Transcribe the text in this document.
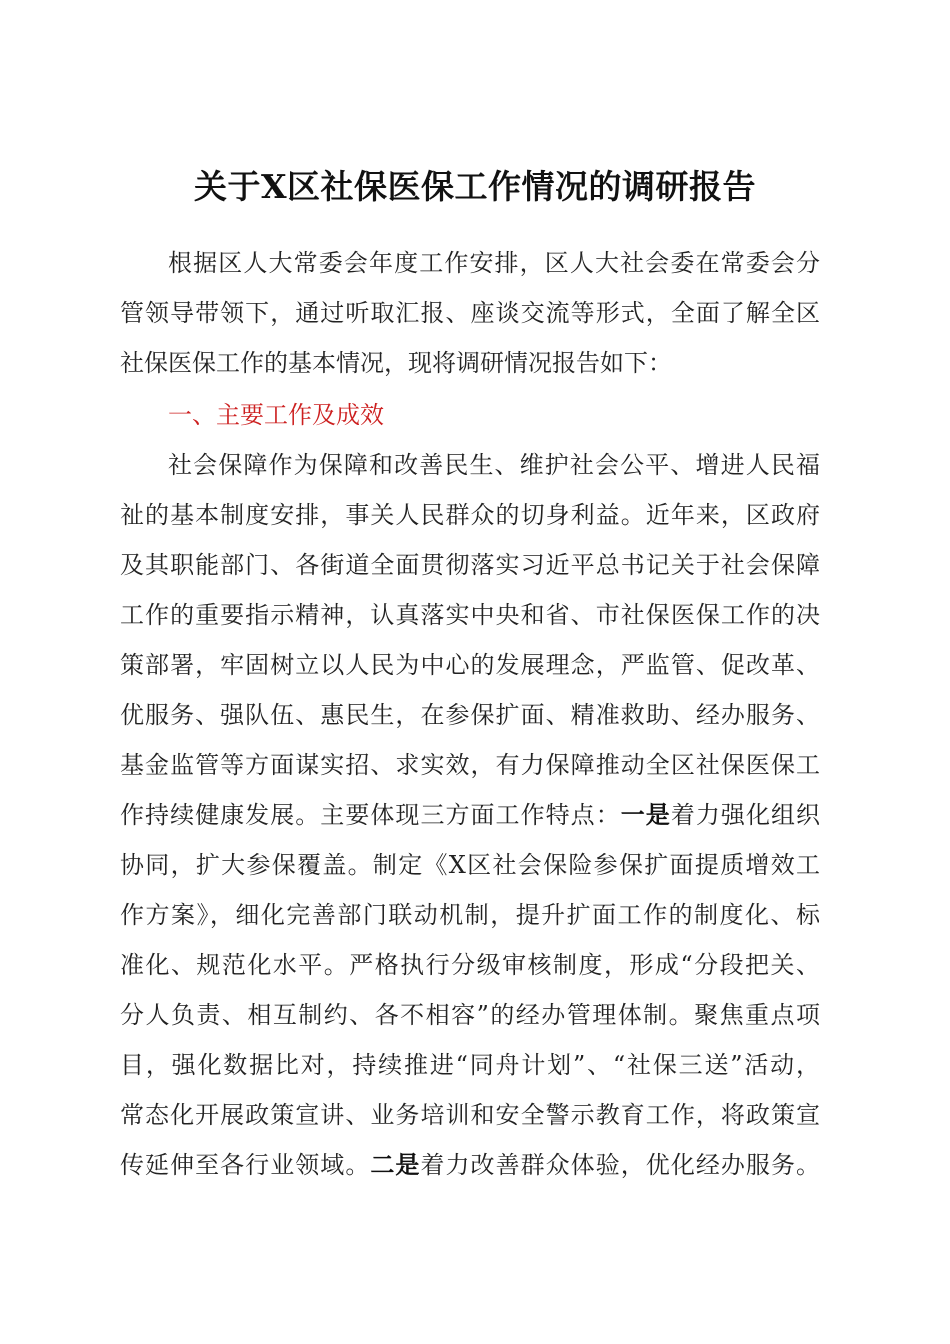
关于X区社保医保工作情况的调研报告
根据区人大常委会年度工作安排，区人大社会委在常委会分
管领导带领下，通过听取汇报、座谈交流等形式，全面了解全区
社保医保工作的基本情况，现将调研情况报告如下：
一、主要工作及成效
社会保障作为保障和改善民生、维护社会公平、增进人民福
祉的基本制度安排，事关人民群众的切身利益。近年来，区政府
及其职能部门、各街道全面贯彻落实习近平总书记关于社会保障
工作的重要指示精神，认真落实中央和省、市社保医保工作的决
策部署，牢固树立以人民为中心的发展理念，严监管、促改革、
优服务、强队伍、惠民生，在参保扩面、精准救助、经办服务、
基金监管等方面谋实招、求实效，有力保障推动全区社保医保工
作持续健康发展。主要体现三方面工作特点：一是着力强化组织
协同，扩大参保覆盖。制定《X区社会保险参保扩面提质增效工
作方案》，细化完善部门联动机制，提升扩面工作的制度化、标
准化、规范化水平。严格执行分级审核制度，形成“分段把关、
分人负责、相互制约、各不相容”的经办管理体制。聚焦重点项
目，强化数据比对，持续推进“同舟计划”、“社保三送”活动，
常态化开展政策宣讲、业务培训和安全警示教育工作，将政策宣
传延伸至各行业领域。二是着力改善群众体验，优化经办服务。
